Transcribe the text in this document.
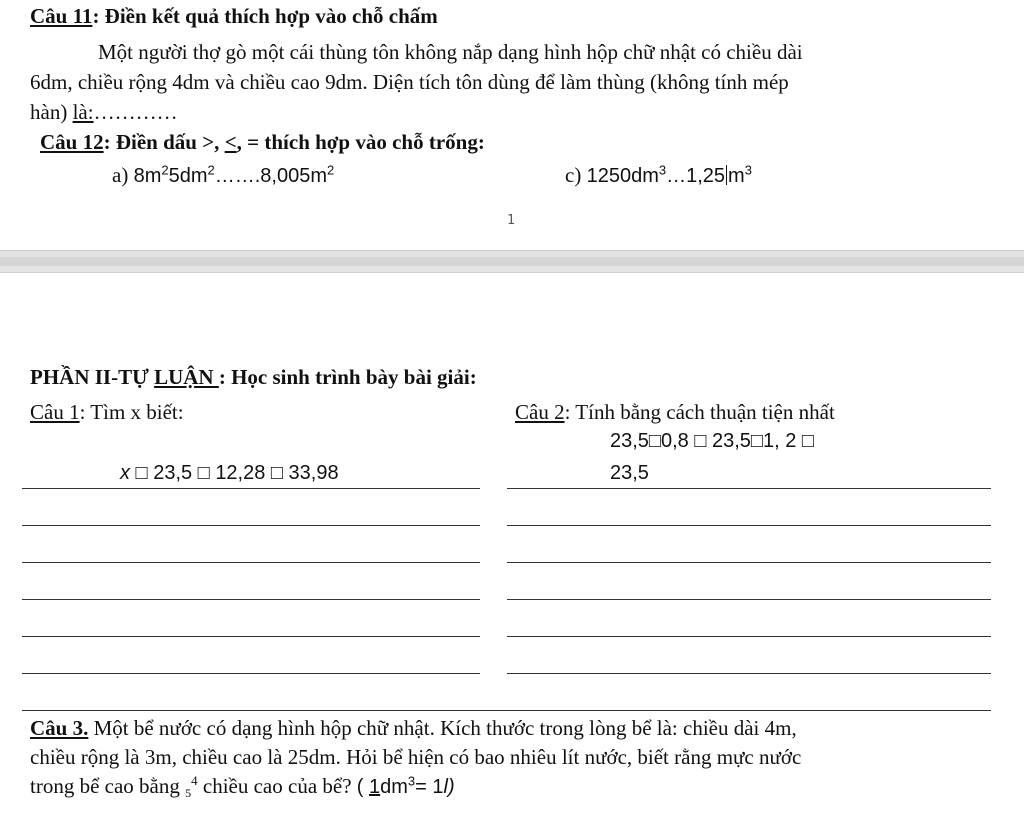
Câu 11: Điền kết quả thích hợp vào chỗ chấm
Một người thợ gò một cái thùng tôn không nắp dạng hình hộp chữ nhật có chiều dài
6dm, chiều rộng 4dm và chiều cao 9dm. Diện tích tôn dùng để làm thùng (không tính mép
hàn) là:…………
Câu 12: Điền dấu >, <, = thích hợp vào chỗ trống:
a) $8m^25dm^2\dots\dots.8,005m^2$	c) $1250dm^3\dots 1,25$ $m^3$
1
PHẦN II-TỰ LUẬN : Học sinh trình bày bài giải:
Câu 1: Tìm x biết:
x □ 23,5 □ 12,28 □ 33,98
Câu 2: Tính bằng cách thuận tiện nhất
23,5□0,8 □ 23,5□1, 2 □
23,5
Câu 3. Một bể nước có dạng hình hộp chữ nhật. Kích thước trong lòng bể là: chiều dài 4m,
chiều rộng là 3m, chiều cao là 25dm. Hỏi bể hiện có bao nhiêu lít nước, biết rằng mực nước
trong bể cao bằng $5^4$ chiều cao của bể? ( $1dm^3= 1l$)
